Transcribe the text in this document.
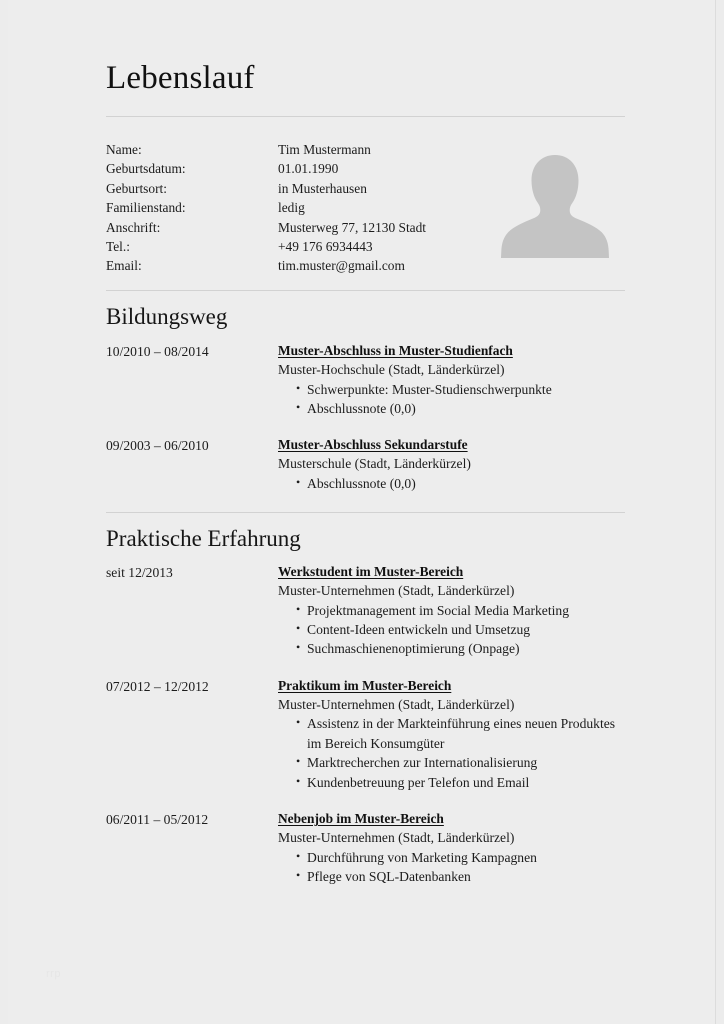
Lebenslauf
Name:	Tim Mustermann
Geburtsdatum:	01.01.1990
Geburtsort:	in Musterhausen
Familienstand:	ledig
Anschrift:	Musterweg 77, 12130 Stadt
Tel.:	+49 176 6934443
Email:	tim.muster@gmail.com
Bildungsweg
10/2010 – 08/2014	Muster-Abschluss in Muster-Studienfach
Muster-Hochschule (Stadt, Länderkürzel)
• Schwerpunkte: Muster-Studienschwerpunkte
• Abschlussnote (0,0)
09/2003 – 06/2010	Muster-Abschluss Sekundarstufe
Musterschule (Stadt, Länderkürzel)
• Abschlussnote (0,0)
Praktische Erfahrung
seit 12/2013	Werkstudent im Muster-Bereich
Muster-Unternehmen (Stadt, Länderkürzel)
• Projektmanagement im Social Media Marketing
• Content-Ideen entwickeln und Umsetzug
• Suchmaschienenoptimierung (Onpage)
07/2012 – 12/2012	Praktikum im Muster-Bereich
Muster-Unternehmen (Stadt, Länderkürzel)
• Assistenz in der Markteinführung eines neuen Produktes im Bereich Konsumgüter
• Marktrecherchen zur Internationalisierung
• Kundenbetreuung per Telefon und Email
06/2011 – 05/2012	Nebenjob im Muster-Bereich
Muster-Unternehmen (Stadt, Länderkürzel)
• Durchführung von Marketing Kampagnen
• Pflege von SQL-Datenbanken
rrp
